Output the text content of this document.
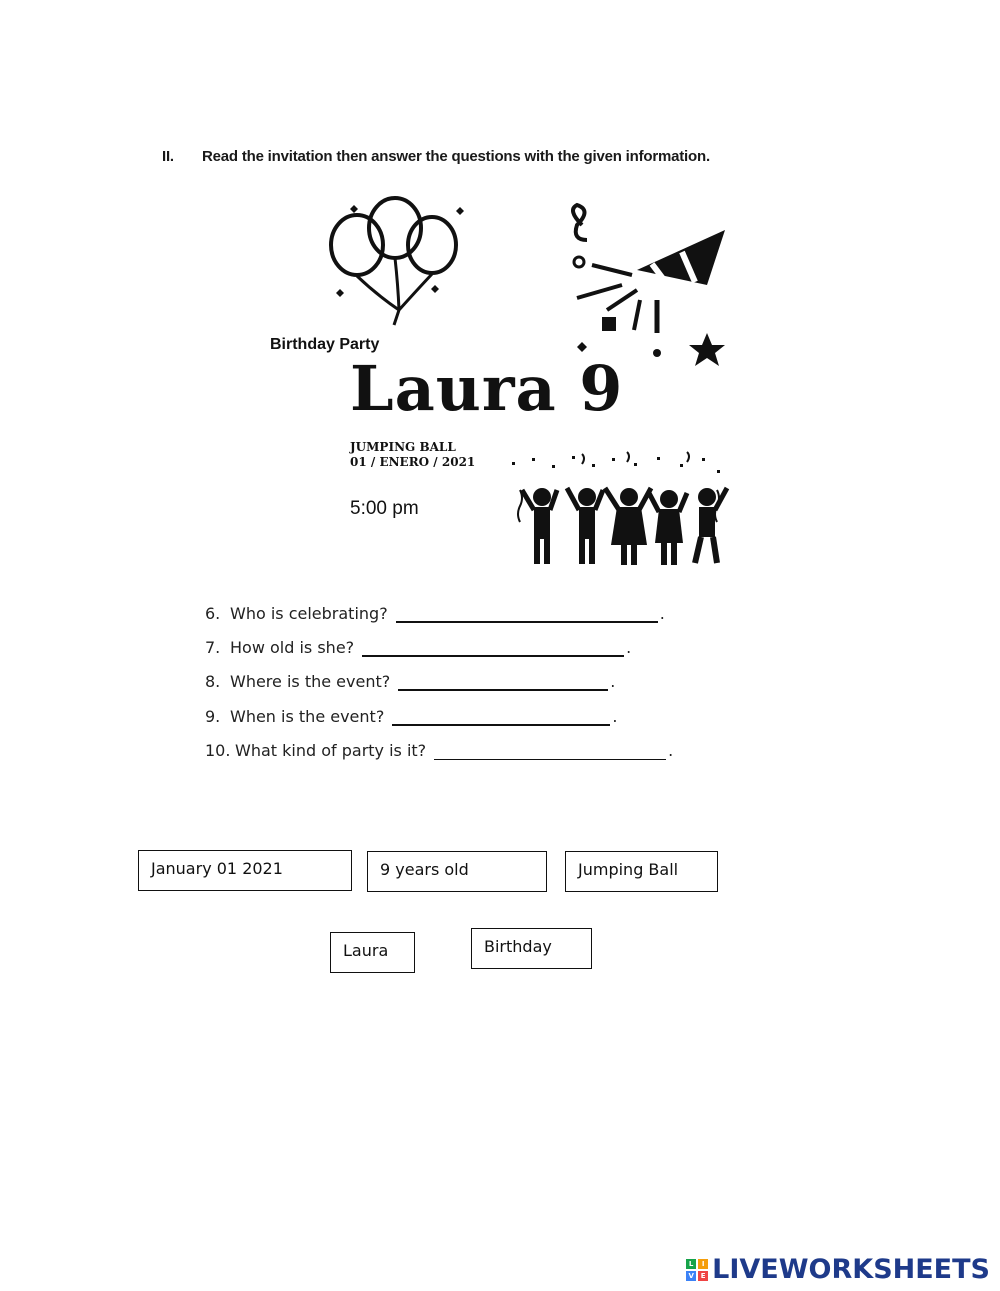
II. Read the invitation then answer the questions with the given information.
Birthday Party
Laura 9
JUMPING BALL
01 / ENERO / 2021
5:00 pm
6. Who is celebrating?	.
7. How old is she?	.
8. Where is the event?	.
9. When is the event?	.
10. What kind of party is it?	.
January 01 2021	9 years old	Jumping Ball
Laura	Birthday
L	I
V E LIVEWORKSHEETS
